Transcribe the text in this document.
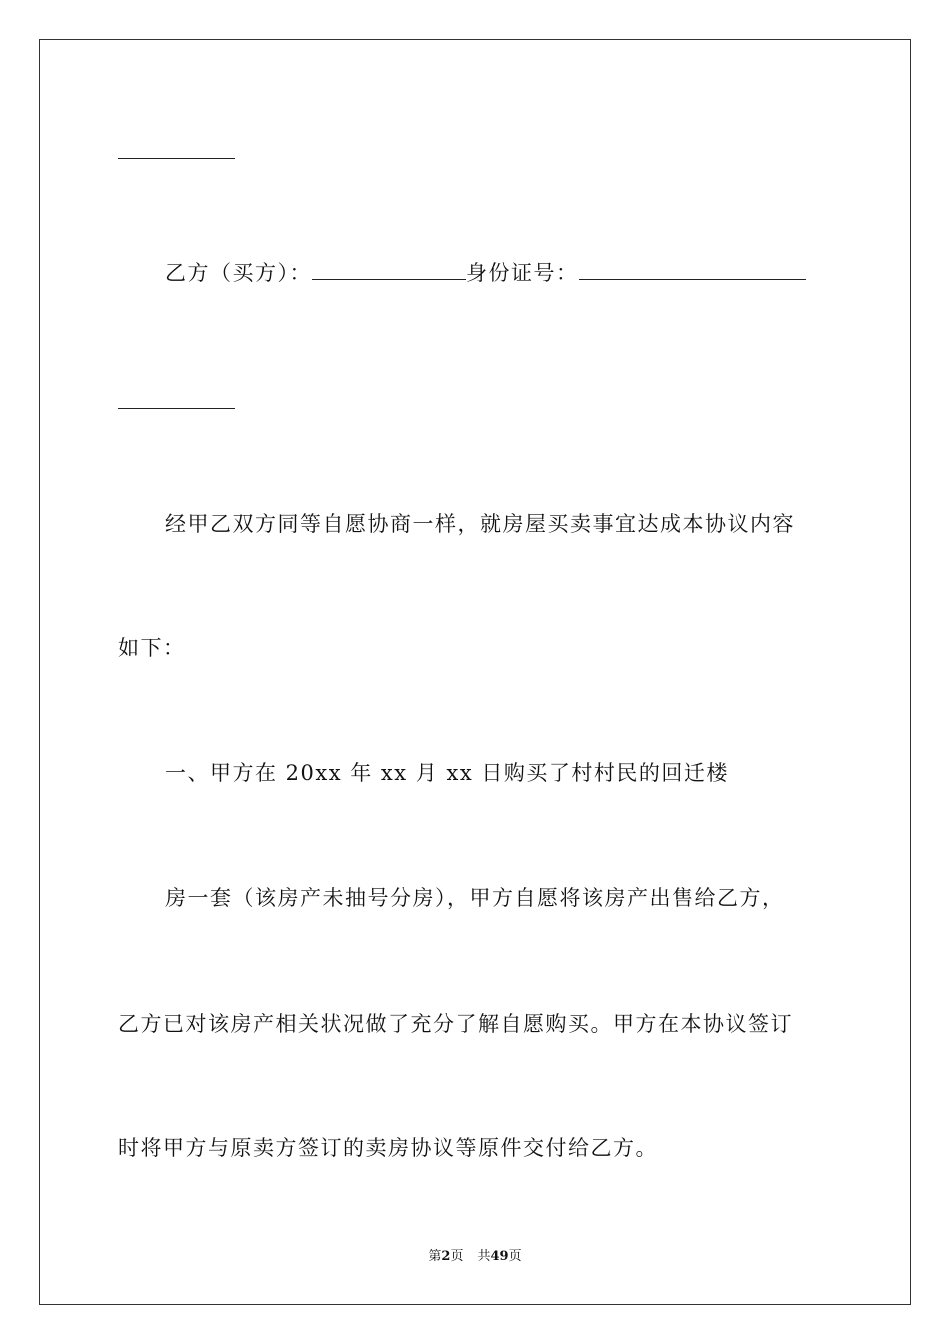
乙方（买方）：	身份证号：
经甲乙双方同等自愿协商一样，就房屋买卖事宜达成本协议内容
如下：
一、甲方在 20xx 年 xx 月 xx 日购买了村村民的回迁楼
房一套（该房产未抽号分房），甲方自愿将该房产出售给乙方，
乙方已对该房产相关状况做了充分了解自愿购买。甲方在本协议签订
时将甲方与原卖方签订的卖房协议等原件交付给乙方。
第2页 共49页
